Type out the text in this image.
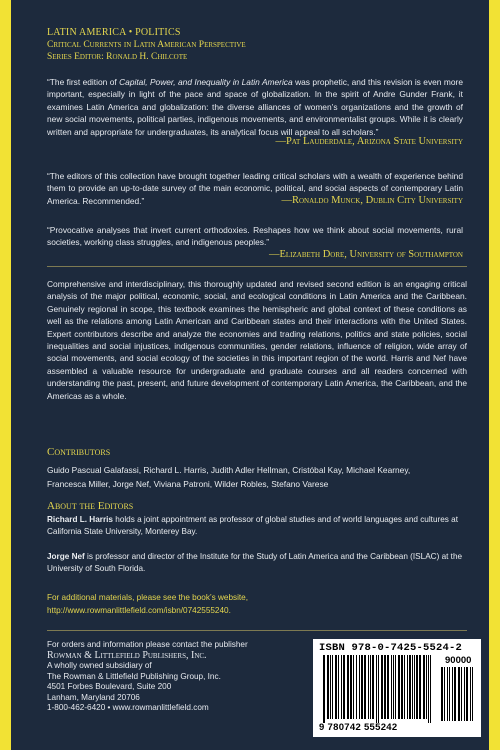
LATIN AMERICA • POLITICS
Critical Currents in Latin American Perspective
Series Editor: Ronald H. Chilcote
“The first edition of Capital, Power, and Inequality in Latin America was prophetic, and this revision is even more important, especially in light of the pace and space of globalization. In the spirit of Andre Gunder Frank, it examines Latin America and globalization: the diverse alliances of women’s organizations and the growth of new social movements, political parties, indigenous movements, and environmentalist groups. While it is clearly written and appropriate for undergraduates, its analytical focus will appeal to all scholars.”
—Pat Lauderdale, Arizona State University
“The editors of this collection have brought together leading critical scholars with a wealth of experience behind them to provide an up-to-date survey of the main economic, political, and social aspects of contemporary Latin America. Recommended.”	—Ronaldo Munck, Dublin City University
“Provocative analyses that invert current orthodoxies. Reshapes how we think about social movements, rural societies, working class struggles, and indigenous peoples.”
—Elizabeth Dore, University of Southampton
Comprehensive and interdisciplinary, this thoroughly updated and revised second edition is an engaging critical analysis of the major political, economic, social, and ecological conditions in Latin America and the Caribbean. Genuinely regional in scope, this textbook examines the hemispheric and global context of these conditions as well as the relations among Latin American and Caribbean states and their interactions with the United States. Expert contributors describe and analyze the economies and trading relations, politics and state policies, social inequalities and social injustices, indigenous communities, gender relations, influence of religion, wide array of social movements, and social ecology of the societies in this important region of the world. Harris and Nef have assembled a valuable resource for undergraduate and graduate courses and all readers concerned with understanding the past, present, and future development of contemporary Latin America, the Caribbean, and the Americas as a whole.
Contributors
Guido Pascual Galafassi, Richard L. Harris, Judith Adler Hellman, Cristóbal Kay, Michael Kearney,
Francesca Miller, Jorge Nef, Viviana Patroni, Wilder Robles, Stefano Varese
About the Editors
Richard L. Harris holds a joint appointment as professor of global studies and of world languages and cultures at California State University, Monterey Bay.
Jorge Nef is professor and director of the Institute for the Study of Latin America and the Caribbean (ISLAC) at the University of South Florida.
For additional materials, please see the book’s website,
http://www.rowmanlittlefield.com/isbn/0742555240.
For orders and information please contact the publisher
Rowman & Littlefield Publishers, Inc.
A wholly owned subsidiary of
The Rowman & Littlefield Publishing Group, Inc.
4501 Forbes Boulevard, Suite 200
Lanham, Maryland 20706
1-800-462-6420 • www.rowmanlittlefield.com
ISBN 978-0-7425-5524-2
90000
9 780742 555242
